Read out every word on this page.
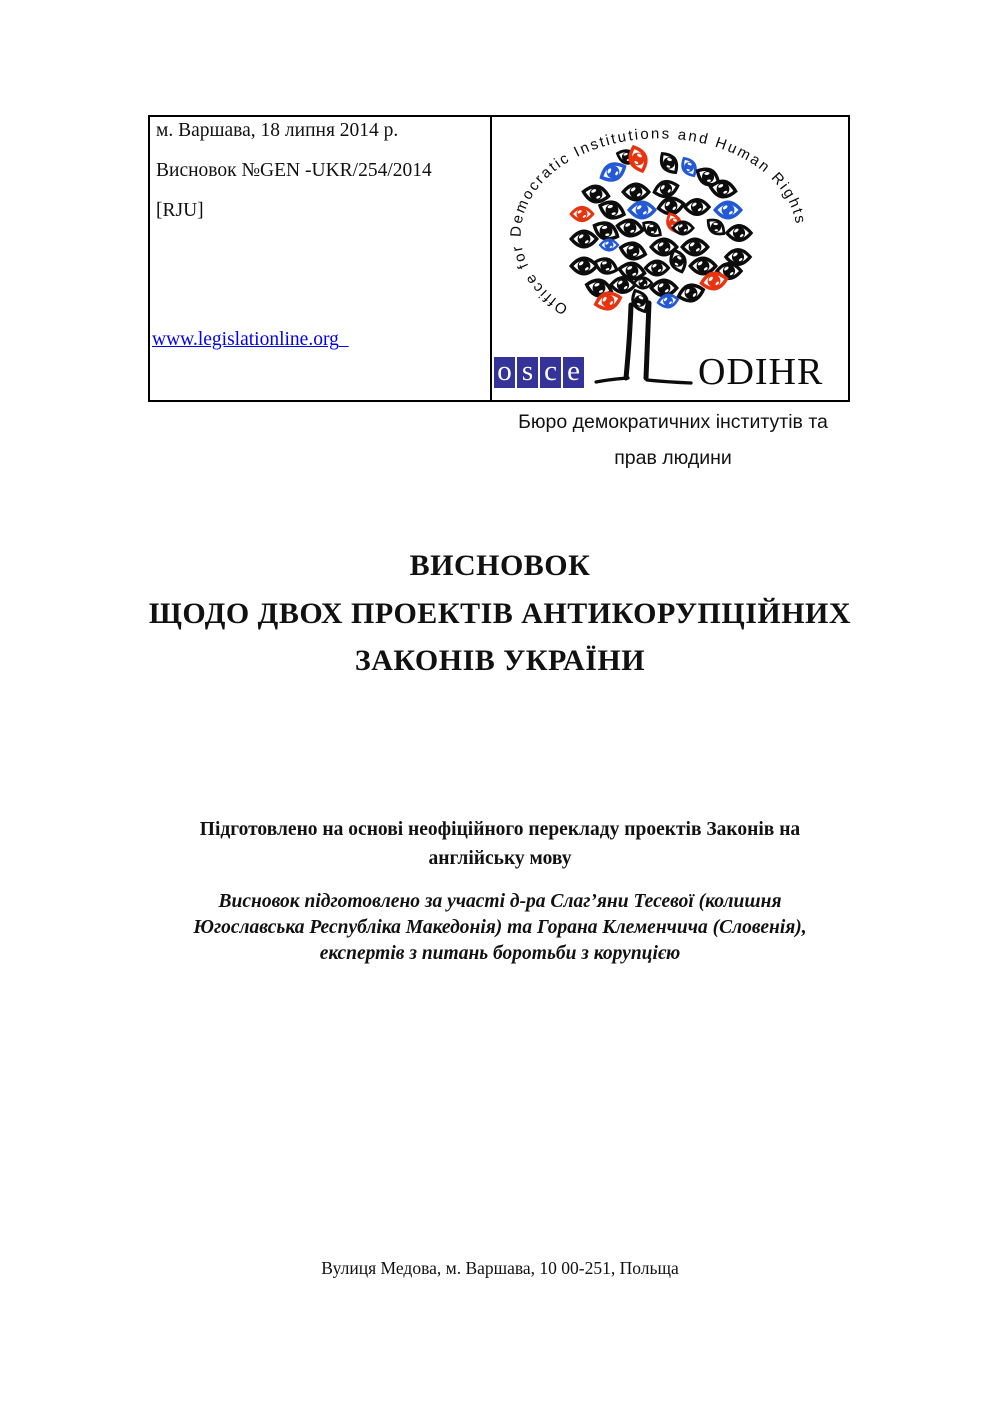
м. Варшава, 18 липня 2014 р.

Висновок №GEN -UKR/254/2014

[RJU]

www.legislationline.org
Office for Democratic Institutions and Human Rights
o s c e	ODIHR
Бюро демократичних інститутів та
прав людини
ВИСНОВОК
ЩОДО ДВОХ ПРОЕКТІВ АНТИКОРУПЦІЙНИХ
ЗАКОНІВ УКРАЇНИ
Підготовлено на основі неофіційного перекладу проектів Законів на
англійську мову
Висновок підготовлено за участі д-ра Слаг’яни Тесевої (колишня
Югославська Республіка Македонія) та Горана Клеменчича (Словенія),
експертів з питань боротьби з корупцією
Вулиця Медова, м. Варшава, 10 00-251, Польща
